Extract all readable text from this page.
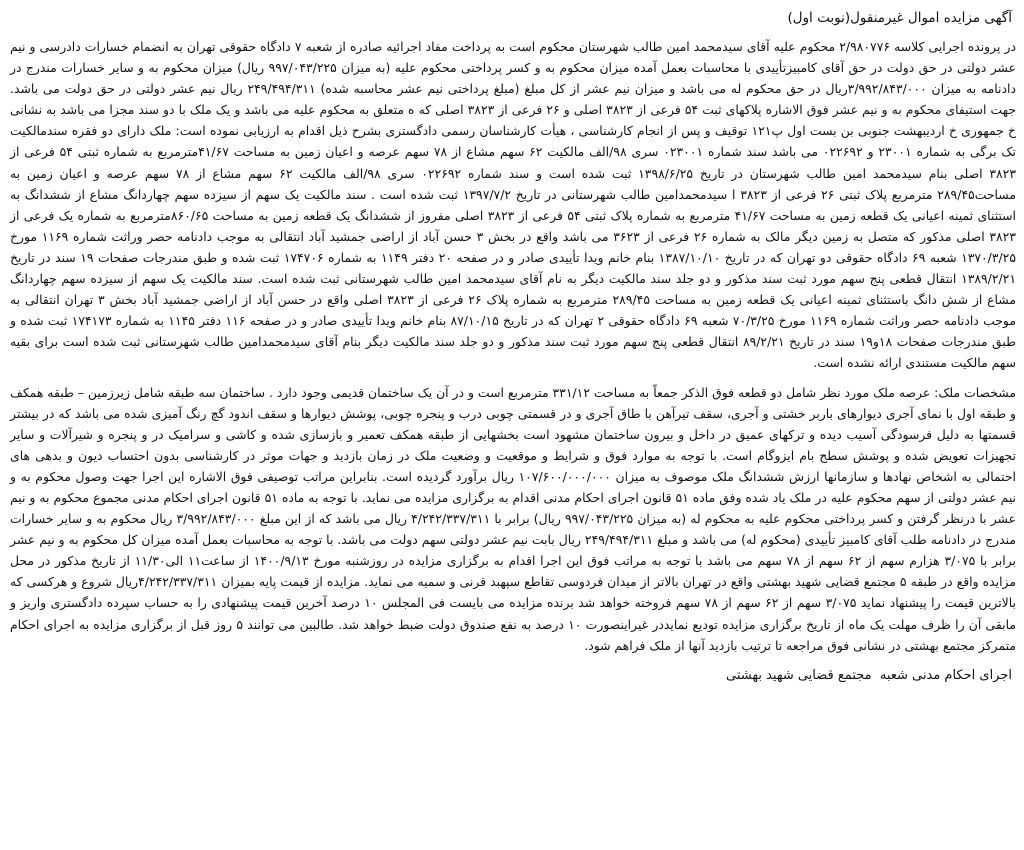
آگهی مزایده اموال غیرمنقول(نوبت اول)
در پرونده اجرایی کلاسه ۲/۹۸۰۷۷۶ محکوم علیه آقای سیدمحمد امین طالب شهرستان محکوم است به پرداخت مفاد اجرائیه صادره از شعبه ۷ دادگاه حقوقی تهران به انضمام خسارات دادرسی و نیم عشر دولتی در حق دولت در حق آقای کامبیزتأییدی با محاسبات بعمل آمده میزان محکوم به و کسر پرداختی محکوم علیه (به میزان ۹۹۷/۰۴۳/۲۲۵ ریال) میزان محکوم به و سایر خسارات مندرج در دادنامه به میزان ۳/۹۹۲/۸۴۳/۰۰۰ریال در حق محکوم له می باشد و میزان نیم عشر از کل مبلغ (مبلغ پرداختی نیم عشر محاسبه شده) ۲۴۹/۴۹۴/۳۱۱ ریال نیم عشر دولتی در حق دولت می باشد. جهت استیفای محکوم به و نیم عشر فوق الاشاره پلاکهای ثبت ۵۴ فرعی از ۳۸۲۳ اصلی و ۲۶ فرعی از ۳۸۲۳ اصلی که ه متعلق به محکوم علیه می باشد و یک ملک با دو سند مجزا می باشد به نشانی خ جمهوری خ اردیبهشت جنوبی بن بست اول پ۱۲۱ توقیف و پس از انجام کارشناسی ، هیأت کارشناسان رسمی دادگستری بشرح ذیل اقدام به ارزیابی نموده است: ملک دارای دو فقره سندمالکیت تک برگی به شماره ۲۳۰۰۱ و ۰۲۲۶۹۲ می باشد سند شماره ۰۲۳۰۰۱ سری ۹۸/الف مالکیت ۶۲ سهم مشاع از ۷۸ سهم عرصه و اعیان زمین به مساحت ۴۱/۶۷مترمربع به شماره ثبتی ۵۴ فرعی از ۳۸۲۳ اصلی بنام سیدمحمد امین طالب شهرستان در تاریخ ۱۳۹۸/۶/۲۵ ثبت شده است و سند شماره ۰۲۲۶۹۲ سری ۹۸/الف مالکیت ۶۲ سهم مشاع از ۷۸ سهم عرصه و اعیان زمین به مساحت۲۸۹/۴۵ مترمربع پلاک ثبتی ۲۶ فرعی از ۳۸۲۳ ا سیدمحمدامین طالب شهرستانی در تاریخ ۱۳۹۷/۷/۲ ثبت شده است . سند مالکیت یک سهم از سیزده سهم چهاردانگ مشاع از ششدانگ به استثنای ثمینه اعیانی یک قطعه زمین به مساحت ۴۱/۶۷ مترمربع به شماره پلاک ثبتی ۵۴ فرعی از ۳۸۲۳ اصلی مفروز از ششدانگ یک قطعه زمین به مساحت ۸۶۰/۶۵مترمربع به شماره یک فرعی از ۳۸۲۳ اصلی مذکور که متصل به زمین دیگر مالک به شماره ۲۶ فرعی از ۳۶۲۳ می باشد واقع در بخش ۳ حسن آباد از اراضی جمشید آباد انتقالی به موجب دادنامه حصر وراثت شماره ۱۱۶۹ مورخ ۱۳۷۰/۳/۲۵ شعبه ۶۹ دادگاه حقوقی دو تهران که در تاریخ ۱۳۸۷/۱۰/۱۰ بنام خانم ویدا تأییدی صادر و در صفحه ۲۰ دفتر ۱۱۴۹ به شماره ۱۷۴۷۰۶ ثبت شده و طبق مندرجات صفحات ۱۹ سند در تاریخ ۱۳۸۹/۲/۲۱ انتقال قطعی پنج سهم مورد ثبت سند مذکور و دو جلد سند مالکیت دیگر به نام آقای سیدمحمد امین طالب شهرستانی ثبت شده است. سند مالکیت یک سهم از سیزده سهم چهاردانگ مشاع از شش دانگ باستثنای ثمینه اعیانی یک قطعه زمین به مساحت ۲۸۹/۴۵ مترمربع به شماره پلاک ۲۶ فرعی از ۳۸۲۳ اصلی واقع در حسن آباد از اراضی جمشید آباد بخش ۳ تهران انتقالی به موجب دادنامه حصر وراثت شماره ۱۱۶۹ مورخ ۷۰/۳/۲۵ شعبه ۶۹ دادگاه حقوقی ۲ تهران که در تاریخ ۸۷/۱۰/۱۵ بنام خانم ویدا تأییدی صادر و در صفحه ۱۱۶ دفتر ۱۱۴۵ به شماره ۱۷۴۱۷۳ ثبت شده و طبق مندرجات صفحات ۱۸و۱۹ سند در تاریخ ۸۹/۲/۲۱ انتقال قطعی پنج سهم مورد ثبت سند مذکور و دو جلد سند مالکیت دیگر بنام آقای سیدمحمدامین طالب شهرستانی ثبت شده است برای بقیه سهم مالکیت مستندی ارائه نشده است.
مشخصات ملک: عرصه ملک مورد نظر شامل دو قطعه فوق الذکر جمعاً به مساحت ۳۳۱/۱۲ مترمربع است و در آن یک ساختمان قدیمی وجود دارد . ساختمان سه طبقه شامل زیرزمین – طبقه همکف و طبقه اول با نمای آجری دیوارهای باربر خشتی و آجری، سقف تیرآهن با طاق آجری و در قسمتی چوبی درب و پنجره چوبی، پوشش دیوارها و سقف اندود گچ رنگ آمیزی شده می باشد که در بیشتر قسمتها به دلیل فرسودگی آسیب دیده و ترکهای عمیق در داخل و بیرون ساختمان مشهود است بخشهایی از طبقه همکف تعمیر و بازسازی شده و کاشی و سرامیک در و پنجره و شیرآلات و سایر تجهیزات تعویض شده و پوشش سطح بام ایزوگام است. با توجه به موارد فوق و شرایط و موقعیت و وضعیت ملک در زمان بازدید و جهات موثر در کارشناسی بدون احتساب دیون و بدهی های احتمالی به اشخاص نهادها و سازمانها ارزش ششدانگ ملک موصوف به میزان ۱۰۷/۶۰۰/۰۰۰/۰۰۰ ریال برآورد گردیده است. بنابراین مراتب توصیفی فوق الاشاره این اجرا جهت وصول محکوم به و نیم عشر دولتی از سهم محکوم علیه در ملک یاد شده وفق ماده ۵۱ قانون اجرای احکام مدنی اقدام به برگزاری مزایده می نماید. با توجه به ماده ۵۱ قانون اجرای احکام مدنی مجموع محکوم به و نیم عشر با درنظر گرفتن و کسر پرداختی محکوم علیه به محکوم له (به میزان ۹۹۷/۰۴۳/۲۲۵ ریال) برابر با ۴/۲۴۲/۳۳۷/۳۱۱ ریال می باشد که از این مبلغ ۳/۹۹۲/۸۴۳/۰۰۰ ریال محکوم به و سایر خسارات مندرج در دادنامه طلب آقای کامبیز تأییدی (محکوم له) می باشد و مبلغ ۲۴۹/۴۹۴/۳۱۱ ریال بابت نیم عشر دولتی سهم دولت می باشد. با توجه به محاسبات بعمل آمده میزان کل محکوم به و نیم عشر برابر با ۳/۰۷۵ هزارم سهم از ۶۲ سهم از ۷۸ سهم می باشد با توجه به مراتب فوق این اجرا اقدام به برگزاری مزایده در روزشنبه مورخ ۱۴۰۰/۹/۱۳ از ساعت۱۱ الی۱۱/۳۰ از تاریخ مذکور در محل مزایده واقع در طبقه ۵ مجتمع قضایی شهید بهشتی واقع در تهران بالاتر از میدان فردوسی تقاطع سپهبد قرنی و سمیه می نماید. مزایده از قیمت پایه بمیزان ۴/۲۴۲/۳۳۷/۳۱۱ریال شروع و هرکسی که بالاترین قیمت را پیشنهاد نماید ۳/۰۷۵ سهم از ۶۲ سهم از ۷۸ سهم فروخته خواهد شد برنده مزایده می بایست فی المجلس ۱۰ درصد آخرین قیمت پیشنهادی را به حساب سپرده دادگستری واریز و مابقی آن را ظرف مهلت یک ماه از تاریخ برگزاری مزایده تودیع نمایددر غیراینصورت ۱۰ درصد به نفع صندوق دولت ضبط خواهد شد. طالبین می توانند ۵ روز قبل از برگزاری مزایده به اجرای احکام متمرکز مجتمع بهشتی در نشانی فوق مراجعه تا ترتیب بازدید آنها از ملک فراهم شود.
اجرای احکام مدنی شعبه  مجتمع قضایی شهید بهشتی
